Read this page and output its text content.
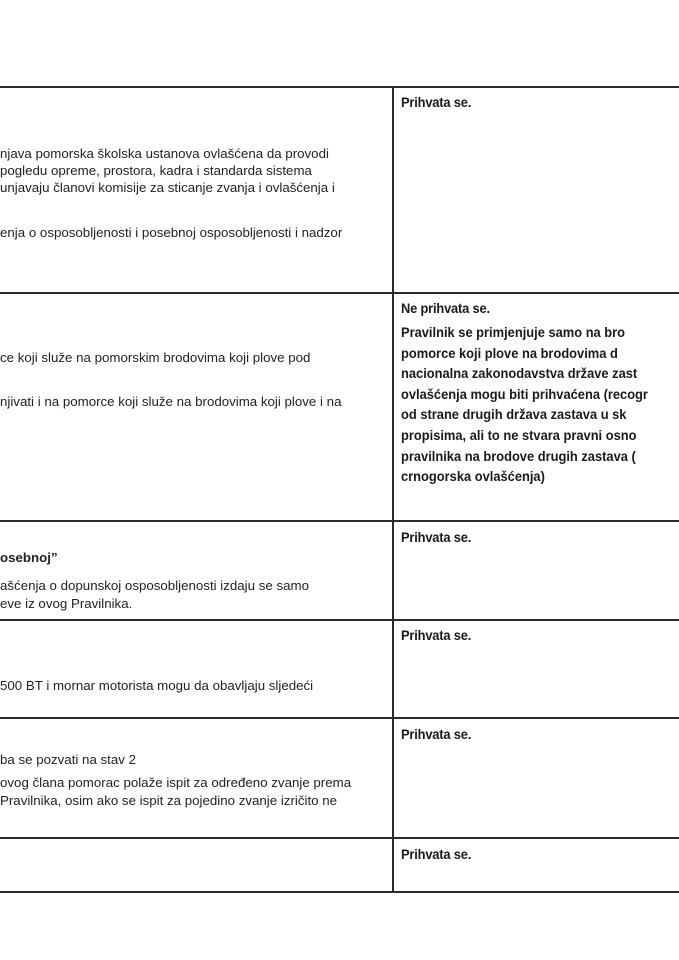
njava pomorska školska ustanova ovlašćena da provodi
pogledu opreme, prostora, kadra i standarda sistema
unjavaju članovi komisije za sticanje zvanja i ovlašćenja i
enja o osposobljenosti i posebnoj osposobljenosti i nadzor
Prihvata se.
ce koji služe na pomorskim brodovima koji plove pod
njivati i na pomorce koji služe na brodovima koji plove i na
Ne prihvata se.
Pravilnik se primjenjuje samo na bro
pomorce koji plove na brodovima d
nacionalna zakonodavstva države zast
ovlašćenja mogu biti prihvaćena (recogr
od strane drugih država zastava u sk
propisima, ali to ne stvara pravni osno
pravilnika na brodove drugih zastava (
crnogorska ovlašćenja)
osebnoj”
ašćenja o dopunskoj osposobljenosti izdaju se samo
eve iz ovog Pravilnika.
Prihvata se.
500 BT i mornar motorista mogu da obavljaju sljedeći
Prihvata se.
ba se pozvati na stav 2
ovog člana pomorac polaže ispit za određeno zvanje prema
Pravilnika, osim ako se ispit za pojedino zvanje izričito ne
Prihvata se.
Prihvata se.
